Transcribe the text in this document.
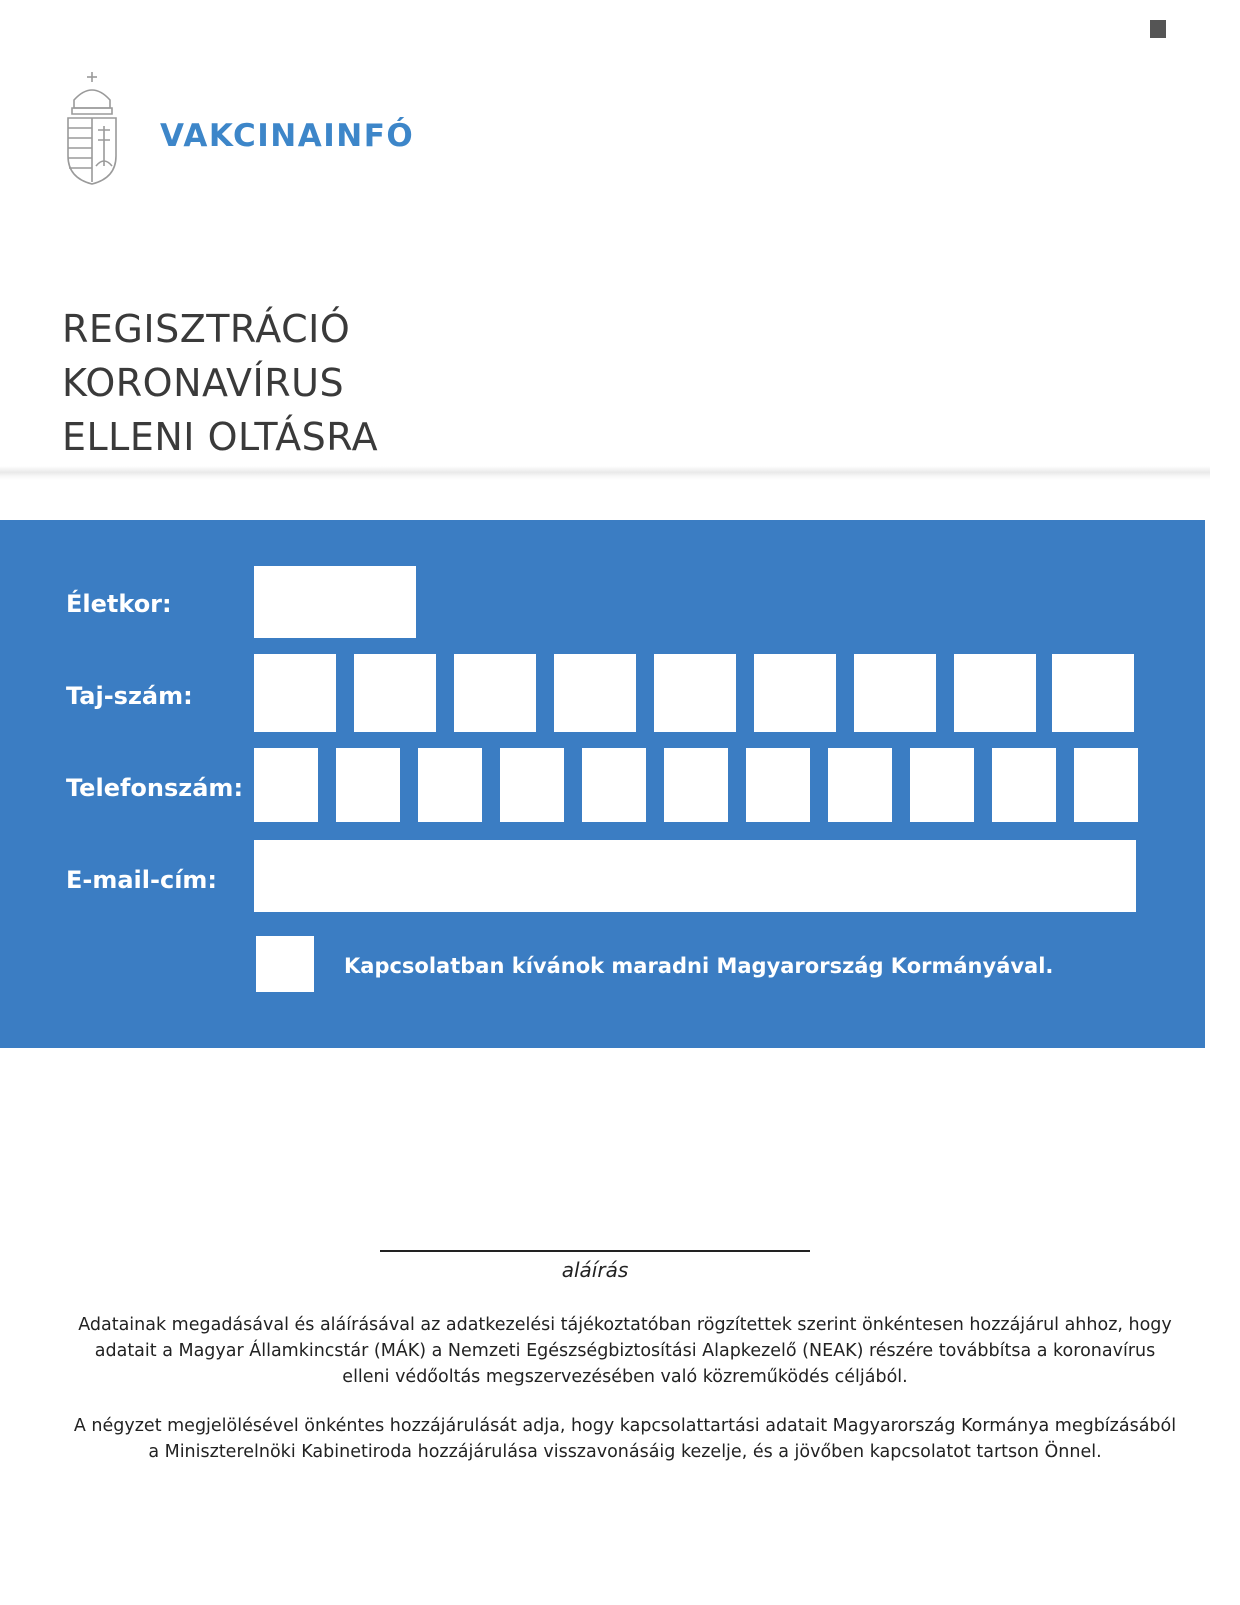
VAKCINAINFÓ
REGISZTRÁCIÓ
KORONAVÍRUS
ELLENI OLTÁSRA
Életkor:
Taj-szám:
Telefonszám:
E-mail-cím:
Kapcsolatban kívánok maradni Magyarország Kormányával.
aláírás
Adatainak megadásával és aláírásával az adatkezelési tájékoztatóban rögzítettek szerint önkéntesen hozzájárul ahhoz, hogy adatait a Magyar Államkincstár (MÁK) a Nemzeti Egészségbiztosítási Alapkezelő (NEAK) részére továbbítsa a koronavírus elleni védőoltás megszervezésében való közreműködés céljából.
A négyzet megjelölésével önkéntes hozzájárulását adja, hogy kapcsolattartási adatait Magyarország Kormánya megbízásából a Miniszterelnöki Kabinetiroda hozzájárulása visszavonásáig kezelje, és a jövőben kapcsolatot tartson Önnel.
